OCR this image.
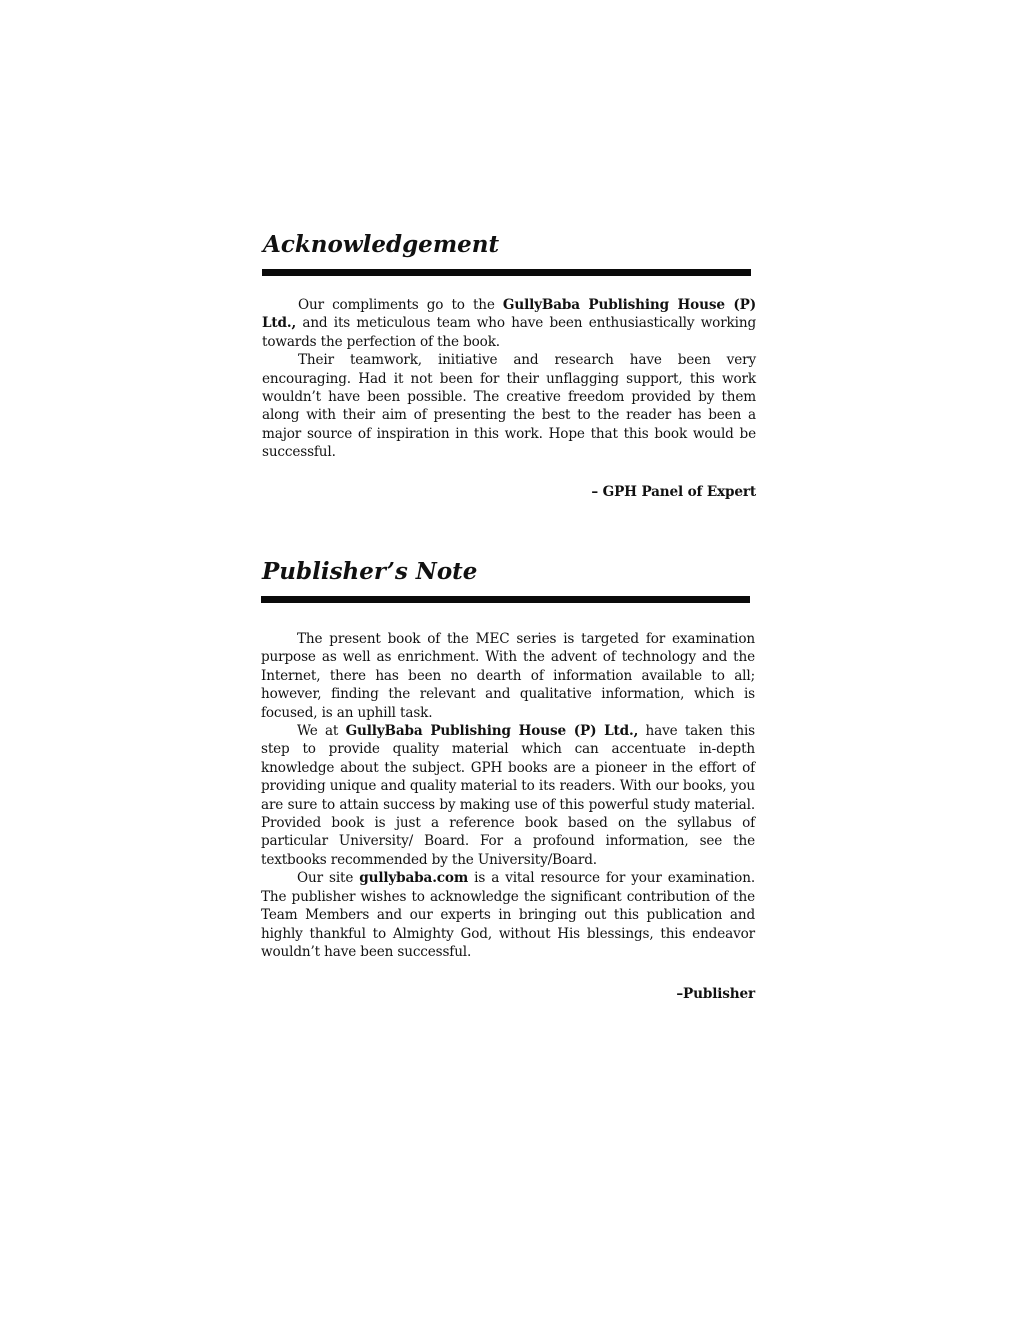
Acknowledgement

Our compliments go to the GullyBaba Publishing House (P) Ltd., and its meticulous team who have been enthusiastically working towards the perfection of the book.

Their teamwork, initiative and research have been very encouraging. Had it not been for their unflagging support, this work wouldn’t have been possible. The creative freedom provided by them along with their aim of presenting the best to the reader has been a major source of inspiration in this work. Hope that this book would be successful.

– GPH Panel of Expert
Publisher’s Note

The present book of the MEC series is targeted for examination purpose as well as enrichment. With the advent of technology and the Internet, there has been no dearth of information available to all; however, finding the relevant and qualitative information, which is focused, is an uphill task.

We at GullyBaba Publishing House (P) Ltd., have taken this step to provide quality material which can accentuate in-depth knowledge about the subject. GPH books are a pioneer in the effort of providing unique and quality material to its readers. With our books, you are sure to attain success by making use of this powerful study material. Provided book is just a reference book based on the syllabus of particular University/ Board. For a profound information, see the textbooks recommended by the University/Board.

Our site gullybaba.com is a vital resource for your examination. The publisher wishes to acknowledge the significant contribution of the Team Members and our experts in bringing out this publication and highly thankful to Almighty God, without His blessings, this endeavor wouldn’t have been successful.

–Publisher
